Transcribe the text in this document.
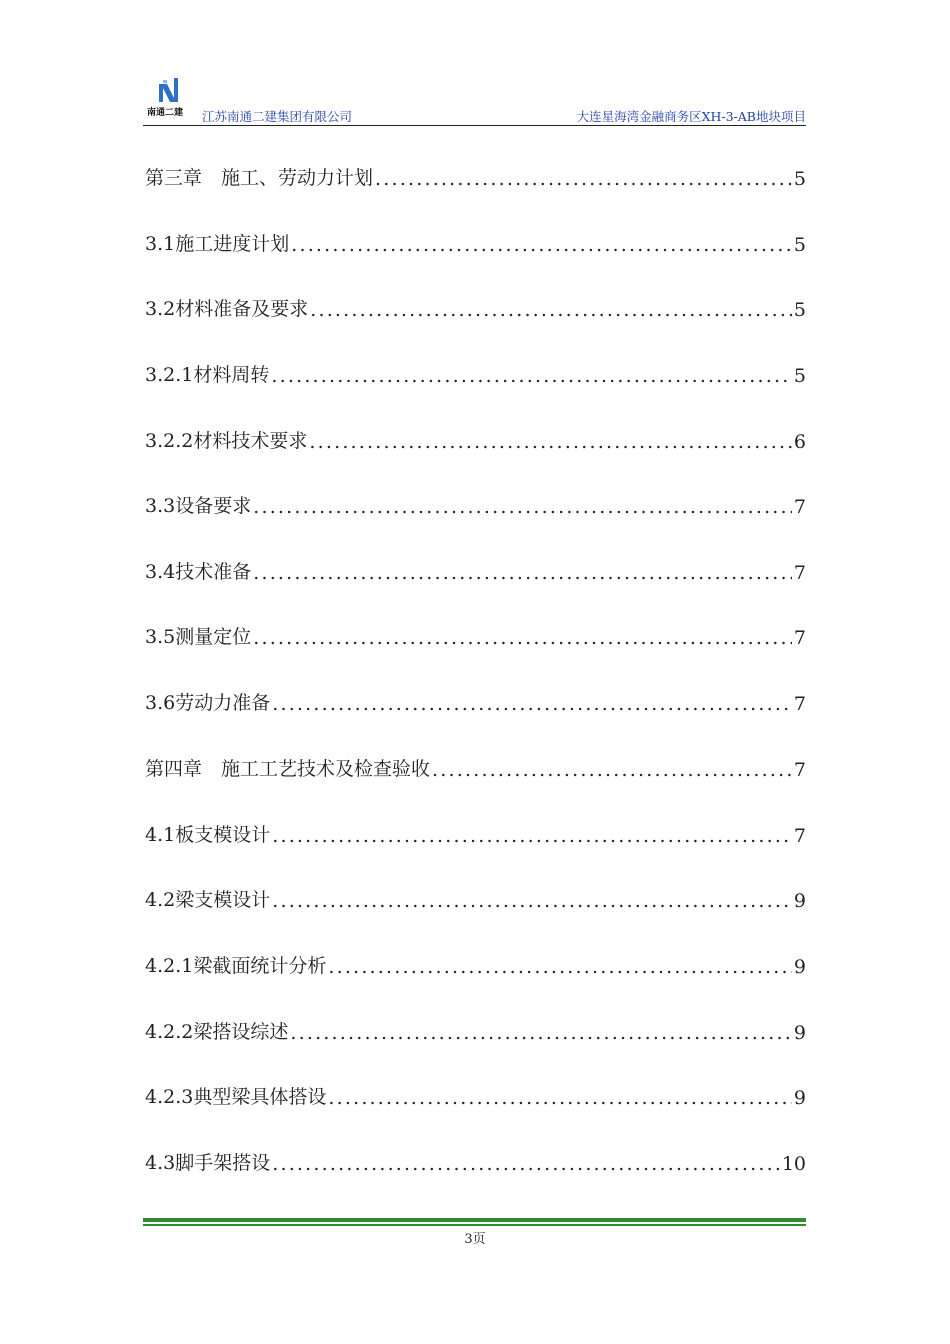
南通二建 江苏南通二建集团有限公司	大连星海湾金融商务区XH-3-AB地块项目
第三章　施工、劳动力计划 .....	5
3.1施工进度计划 .....	5
3.2材料准备及要求 .....	5
3.2.1材料周转 .....	5
3.2.2材料技术要求 .....	6
3.3设备要求 .....	7
3.4技术准备 .....	7
3.5测量定位 .....	7
3.6劳动力准备 .....	7
第四章　施工工艺技术及检查验收 .....	7
4.1板支模设计 .....	7
4.2梁支模设计 .....	9
4.2.1梁截面统计分析 .....	9
4.2.2梁搭设综述 .....	9
4.2.3典型梁具体搭设 .....	9
4.3脚手架搭设 .....	10
3页
